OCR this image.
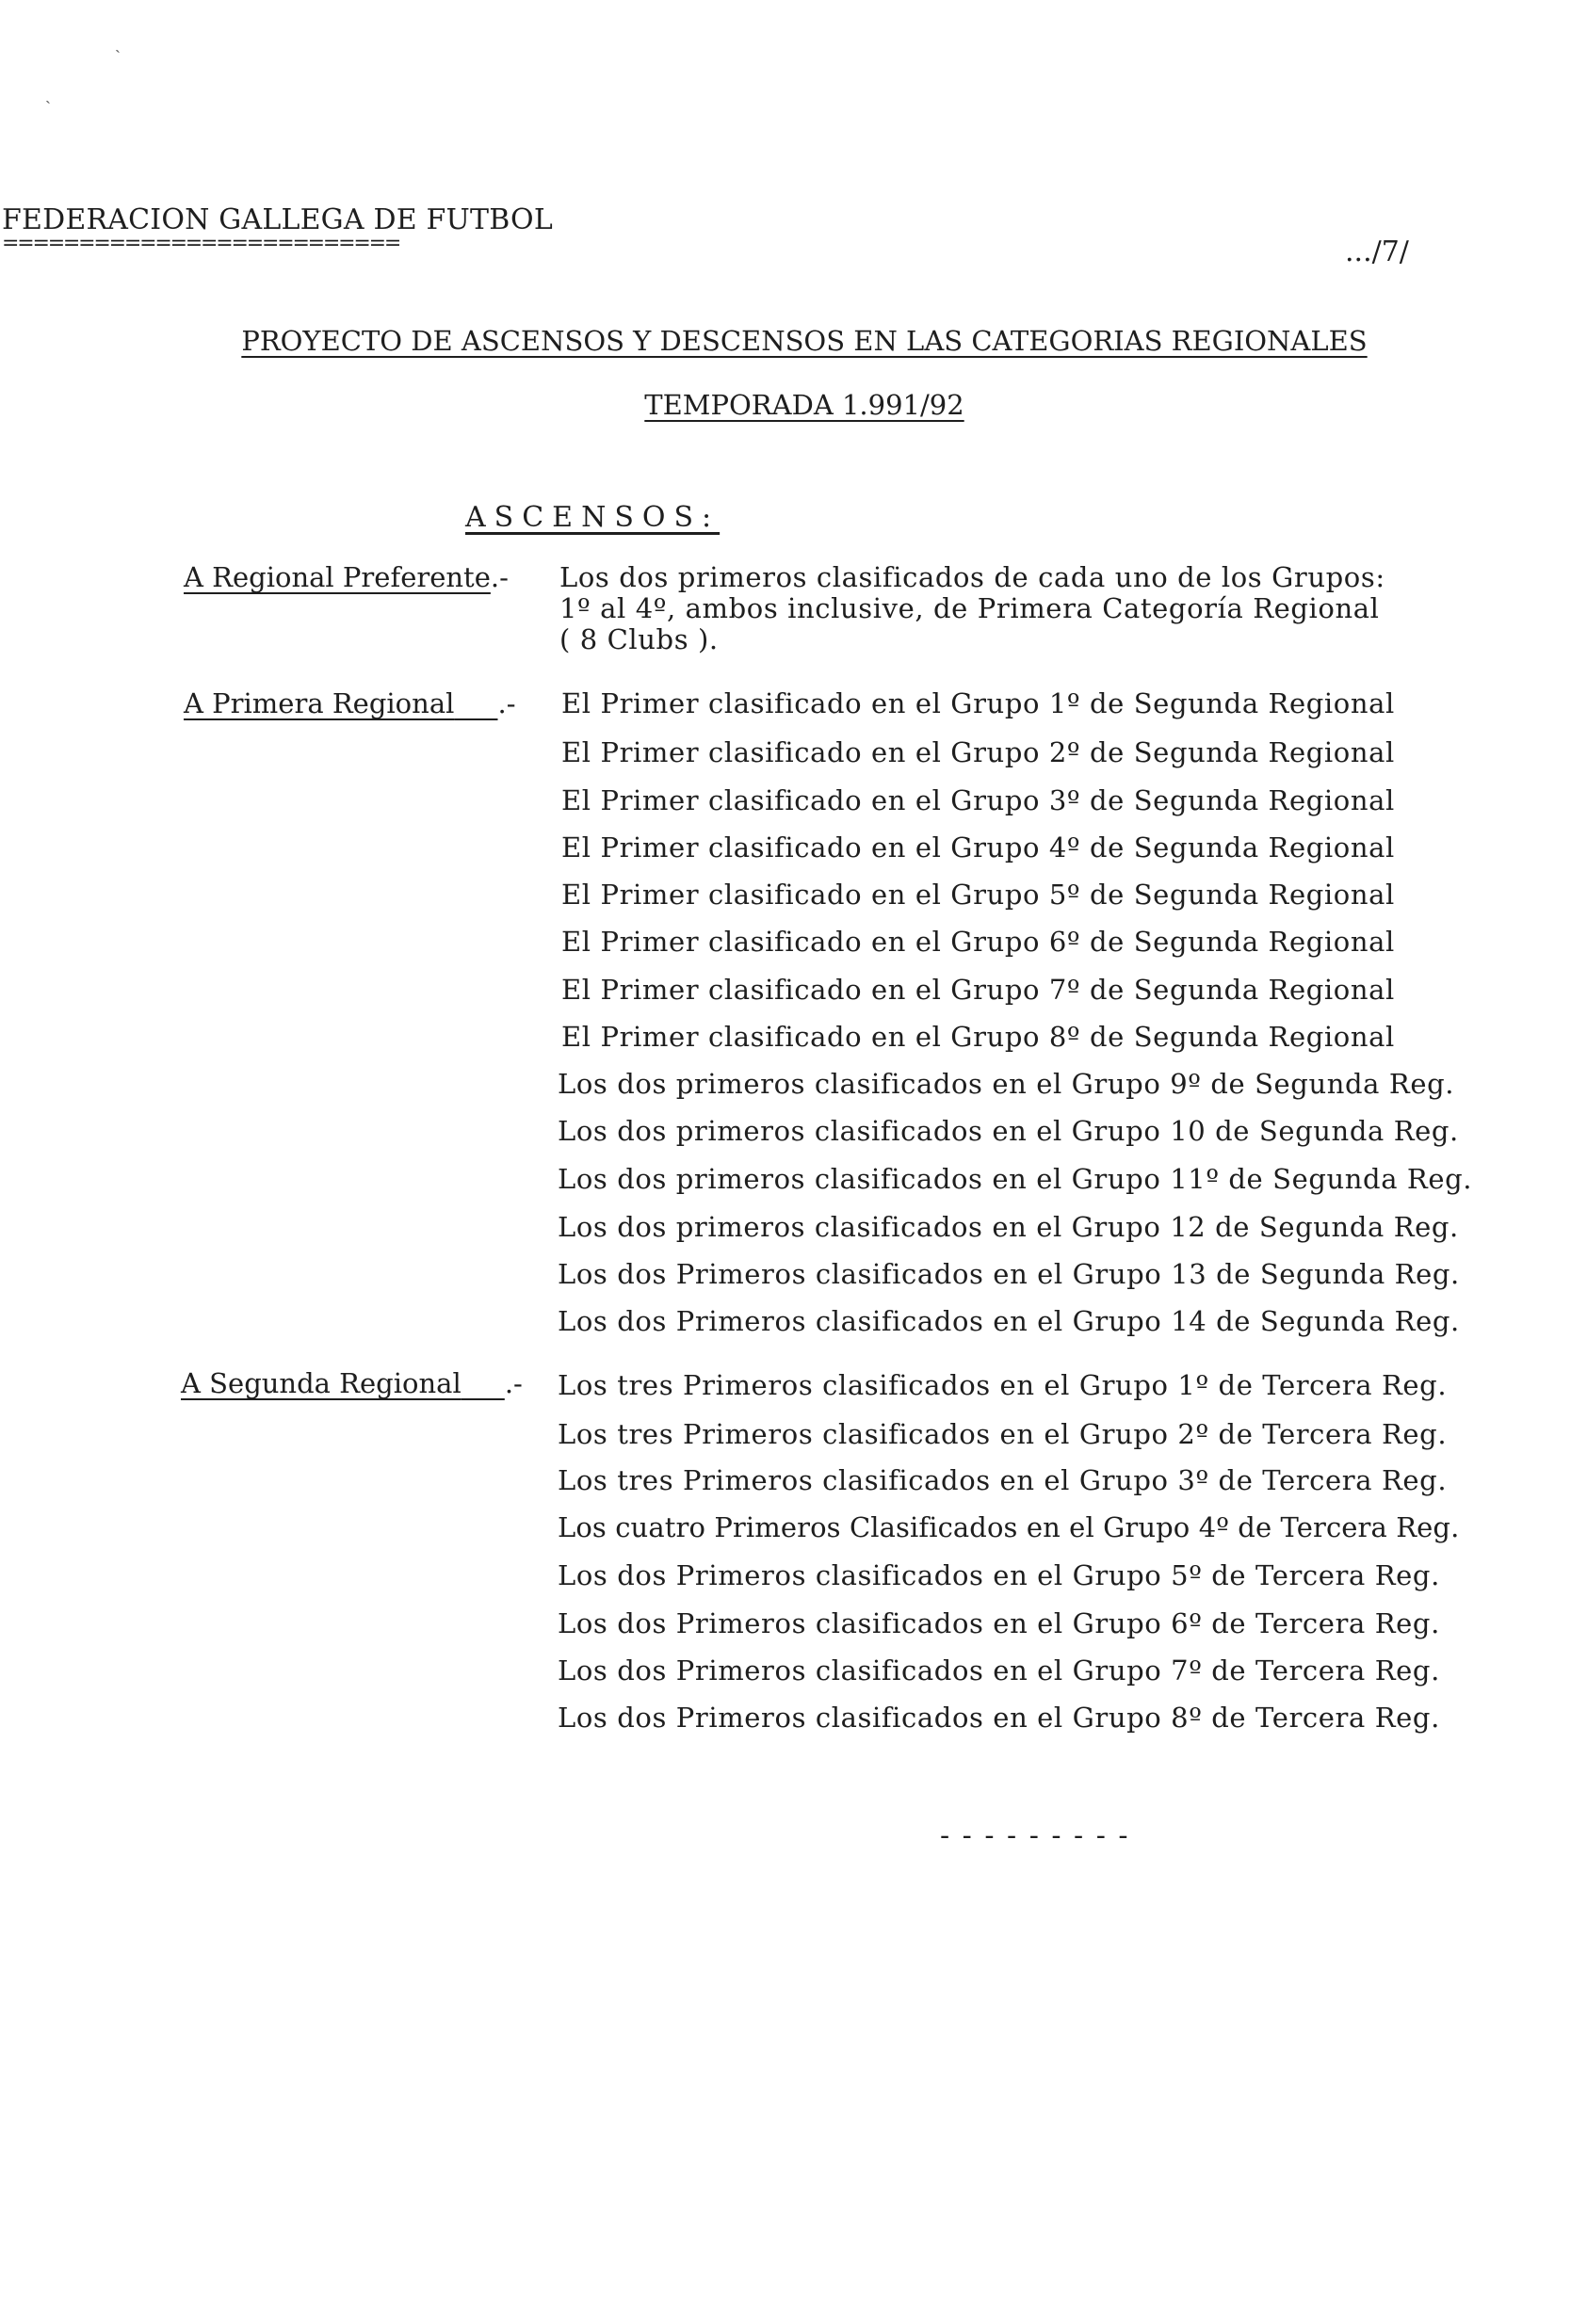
ˎ
ˎ
FEDERACION GALLEGA DE FUTBOL
==========================	.../7/
PROYECTO DE ASCENSOS Y DESCENSOS EN LAS CATEGORIAS REGIONALES
TEMPORADA 1.991/92
ASCENSOS:
A Regional Preferente.- Los dos primeros clasificados de cada uno de los Grupos:
1º al 4º, ambos inclusive, de Primera Categoría Regional
( 8 Clubs ).
A Primera Regional .- El Primer clasificado en el Grupo 1º de Segunda Regional
El Primer clasificado en el Grupo 2º de Segunda Regional
El Primer clasificado en el Grupo 3º de Segunda Regional
El Primer clasificado en el Grupo 4º de Segunda Regional
El Primer clasificado en el Grupo 5º de Segunda Regional
El Primer clasificado en el Grupo 6º de Segunda Regional
El Primer clasificado en el Grupo 7º de Segunda Regional
El Primer clasificado en el Grupo 8º de Segunda Regional
Los dos primeros clasificados en el Grupo 9º de Segunda Reg.
Los dos primeros clasificados en el Grupo 10 de Segunda Reg.
Los dos primeros clasificados en el Grupo 11º de Segunda Reg.
Los dos primeros clasificados en el Grupo 12 de Segunda Reg.
Los dos Primeros clasificados en el Grupo 13 de Segunda Reg.
Los dos Primeros clasificados en el Grupo 14 de Segunda Reg.
A Segunda Regional .- Los tres Primeros clasificados en el Grupo 1º de Tercera Reg.
Los tres Primeros clasificados en el Grupo 2º de Tercera Reg.
Los tres Primeros clasificados en el Grupo 3º de Tercera Reg.
Los cuatro Primeros Clasificados en el Grupo 4º de Tercera Reg.
Los dos Primeros clasificados en el Grupo 5º de Tercera Reg.
Los dos Primeros clasificados en el Grupo 6º de Tercera Reg.
Los dos Primeros clasificados en el Grupo 7º de Tercera Reg.
Los dos Primeros clasificados en el Grupo 8º de Tercera Reg.
- - - - - - - - -
